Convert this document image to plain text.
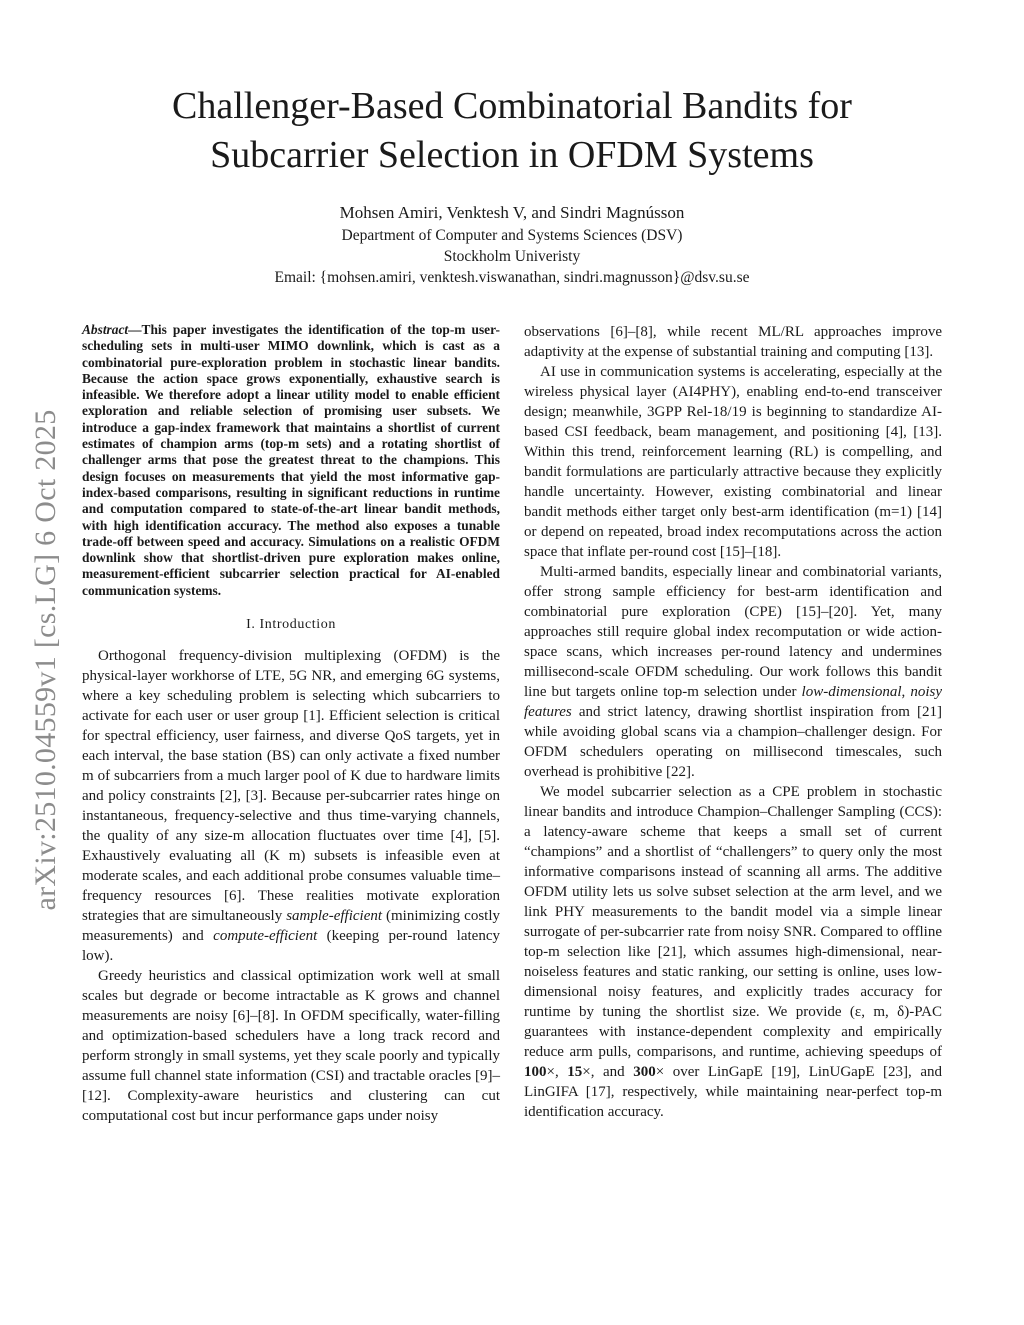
arXiv:2510.04559v1 [cs.LG] 6 Oct 2025
Challenger-Based Combinatorial Bandits for
Subcarrier Selection in OFDM Systems
Mohsen Amiri, Venktesh V, and Sindri Magnússon
Department of Computer and Systems Sciences (DSV)
Stockholm Univeristy
Email: {mohsen.amiri, venktesh.viswanathan, sindri.magnusson}@dsv.su.se

Abstract—This paper investigates the identification of the top-m user-scheduling sets in multi-user MIMO downlink, which is cast as a combinatorial pure-exploration problem in stochastic linear bandits. Because the action space grows exponentially, exhaustive search is infeasible. We therefore adopt a linear utility model to enable efficient exploration and reliable selection of promising user subsets. We introduce a gap-index framework that maintains a shortlist of current estimates of champion arms (top-m sets) and a rotating shortlist of challenger arms that pose the greatest threat to the champions. This design focuses on measurements that yield the most informative gap-index-based comparisons, resulting in significant reductions in runtime and computation compared to state-of-the-art linear bandit methods, with high identification accuracy. The method also exposes a tunable trade-off between speed and accuracy. Simulations on a realistic OFDM downlink show that shortlist-driven pure exploration makes online, measurement-efficient subcarrier selection practical for AI-enabled communication systems.

I. Introduction

Orthogonal frequency-division multiplexing (OFDM) is the physical-layer workhorse of LTE, 5G NR, and emerging 6G systems, where a key scheduling problem is selecting which subcarriers to activate for each user or user group [1]. Efficient selection is critical for spectral efficiency, user fairness, and diverse QoS targets, yet in each interval, the base station (BS) can only activate a fixed number m of subcarriers from a much larger pool of K due to hardware limits and policy constraints [2], [3]. Because per-subcarrier rates hinge on instantaneous, frequency-selective and thus time-varying channels, the quality of any size-m allocation fluctuates over time [4], [5]. Exhaustively evaluating all (K m) subsets is infeasible even at moderate scales, and each additional probe consumes valuable time–frequency resources [6]. These realities motivate exploration strategies that are simultaneously sample-efficient (minimizing costly measurements) and compute-efficient (keeping per-round latency low).

Greedy heuristics and classical optimization work well at small scales but degrade or become intractable as K grows and channel measurements are noisy [6]–[8]. In OFDM specifically, water-filling and optimization-based schedulers have a long track record and perform strongly in small systems, yet they scale poorly and typically assume full channel state information (CSI) and tractable oracles [9]–[12]. Complexity-aware heuristics and clustering can cut computational cost but incur performance gaps under noisy

observations [6]–[8], while recent ML/RL approaches improve adaptivity at the expense of substantial training and computing [13].

AI use in communication systems is accelerating, especially at the wireless physical layer (AI4PHY), enabling end-to-end transceiver design; meanwhile, 3GPP Rel-18/19 is beginning to standardize AI-based CSI feedback, beam management, and positioning [4], [13]. Within this trend, reinforcement learning (RL) is compelling, and bandit formulations are particularly attractive because they explicitly handle uncertainty. However, existing combinatorial and linear bandit methods either target only best-arm identification (m=1) [14] or depend on repeated, broad index recomputations across the action space that inflate per-round cost [15]–[18].

Multi-armed bandits, especially linear and combinatorial variants, offer strong sample efficiency for best-arm identification and combinatorial pure exploration (CPE) [15]–[20]. Yet, many approaches still require global index recomputation or wide action-space scans, which increases per-round latency and undermines millisecond-scale OFDM scheduling. Our work follows this bandit line but targets online top-m selection under low-dimensional, noisy features and strict latency, drawing shortlist inspiration from [21] while avoiding global scans via a champion–challenger design. For OFDM schedulers operating on millisecond timescales, such overhead is prohibitive [22].

We model subcarrier selection as a CPE problem in stochastic linear bandits and introduce Champion–Challenger Sampling (CCS): a latency-aware scheme that keeps a small set of current “champions” and a shortlist of “challengers” to query only the most informative comparisons instead of scanning all arms. The additive OFDM utility lets us solve subset selection at the arm level, and we link PHY measurements to the bandit model via a simple linear surrogate of per-subcarrier rate from noisy SNR. Compared to offline top-m selection like [21], which assumes high-dimensional, near-noiseless features and static ranking, our setting is online, uses low-dimensional noisy features, and explicitly trades accuracy for runtime by tuning the shortlist size. We provide (ε, m, δ)-PAC guarantees with instance-dependent complexity and empirically reduce arm pulls, comparisons, and runtime, achieving speedups of 100×, 15×, and 300× over LinGapE [19], LinUGapE [23], and LinGIFA [17], respectively, while maintaining near-perfect top-m identification accuracy.
